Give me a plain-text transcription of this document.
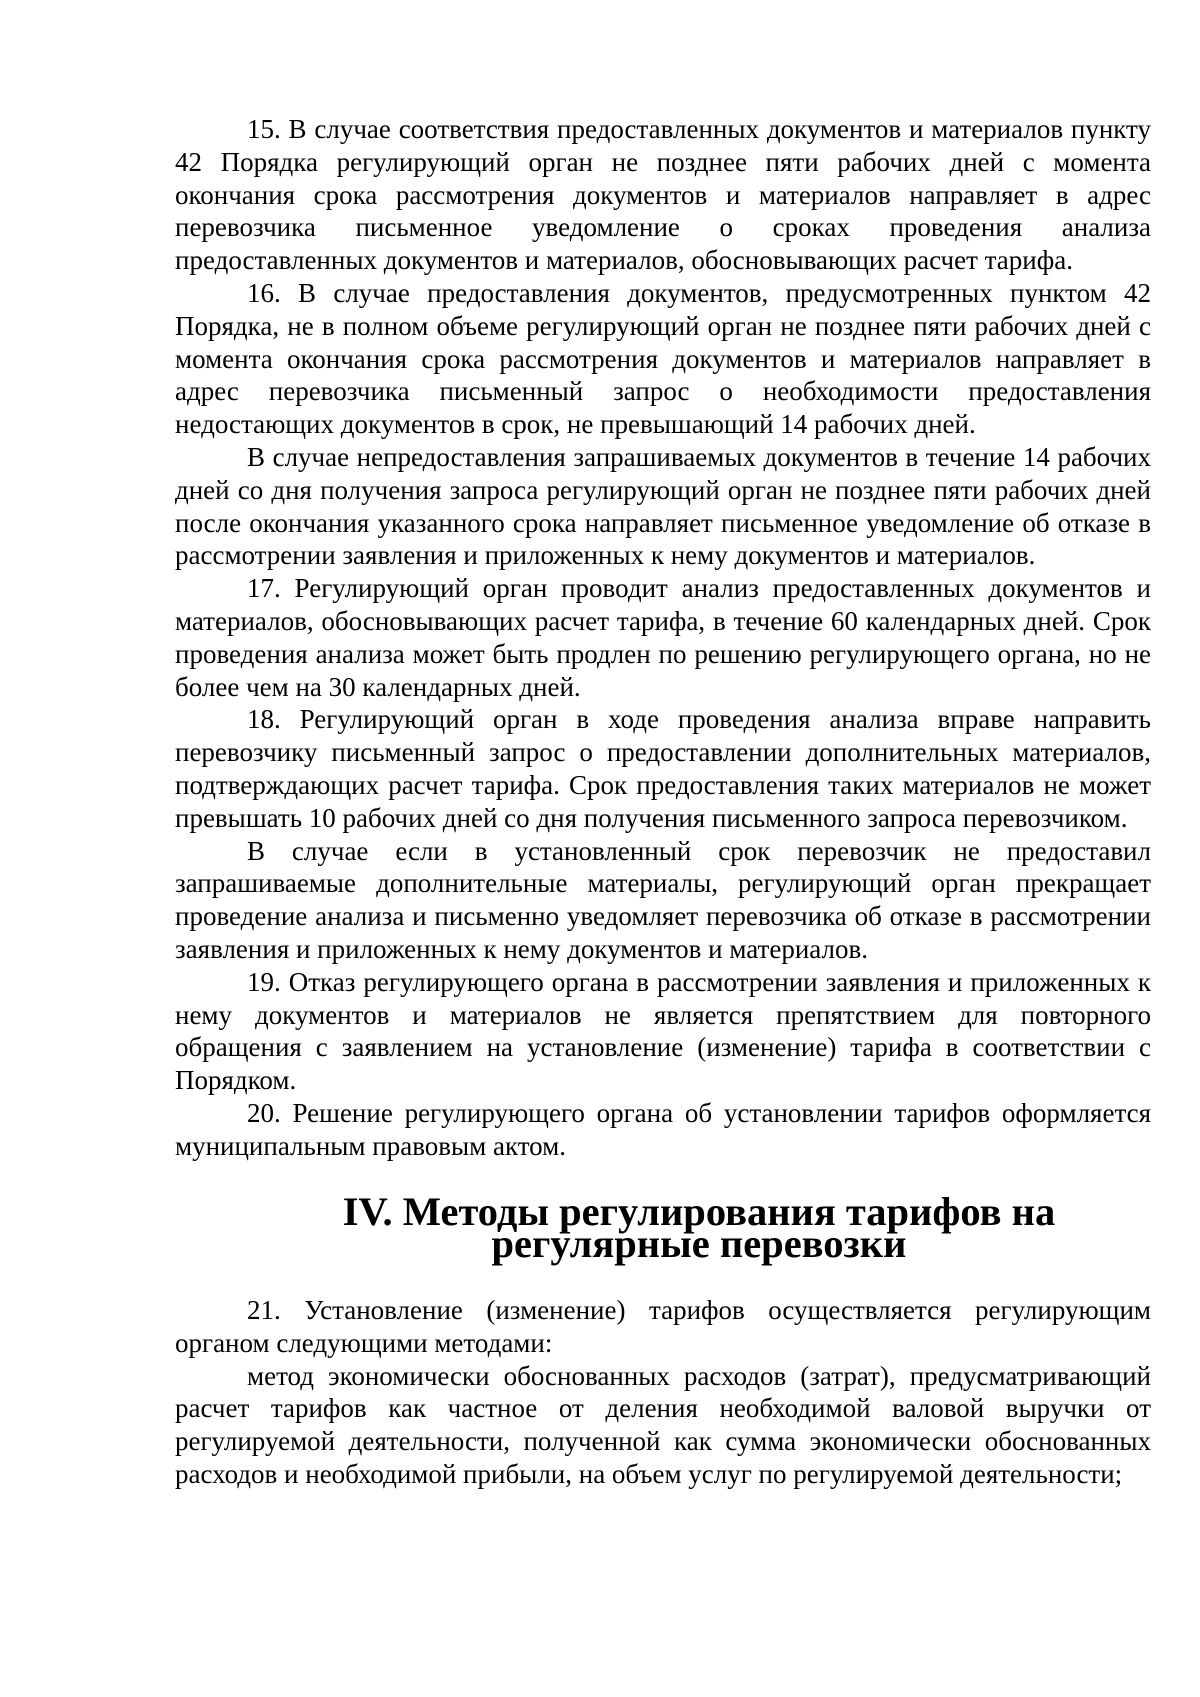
15. В случае соответствия предоставленных документов и материалов пункту 42 Порядка регулирующий орган не позднее пяти рабочих дней с момента окончания срока рассмотрения документов и материалов направляет в адрес перевозчика письменное уведомление о сроках проведения анализа предоставленных документов и материалов, обосновывающих расчет тарифа.

16. В случае предоставления документов, предусмотренных пунктом 42 Порядка, не в полном объеме регулирующий орган не позднее пяти рабочих дней с момента окончания срока рассмотрения документов и материалов направляет в адрес перевозчика письменный запрос о необходимости предоставления недостающих документов в срок, не превышающий 14 рабочих дней.

В случае непредоставления запрашиваемых документов в течение 14 рабочих дней со дня получения запроса регулирующий орган не позднее пяти рабочих дней после окончания указанного срока направляет письменное уведомление об отказе в рассмотрении заявления и приложенных к нему документов и материалов.

17. Регулирующий орган проводит анализ предоставленных документов и материалов, обосновывающих расчет тарифа, в течение 60 календарных дней. Срок проведения анализа может быть продлен по решению регулирующего органа, но не более чем на 30 календарных дней.

18. Регулирующий орган в ходе проведения анализа вправе направить перевозчику письменный запрос о предоставлении дополнительных материалов, подтверждающих расчет тарифа. Срок предоставления таких материалов не может превышать 10 рабочих дней со дня получения письменного запроса перевозчиком.

В случае если в установленный срок перевозчик не предоставил запрашиваемые дополнительные материалы, регулирующий орган прекращает проведение анализа и письменно уведомляет перевозчика об отказе в рассмотрении заявления и приложенных к нему документов и материалов.

19. Отказ регулирующего органа в рассмотрении заявления и приложенных к нему документов и материалов не является препятствием для повторного обращения с заявлением на установление (изменение) тарифа в соответствии с Порядком.

20. Решение регулирующего органа об установлении тарифов оформляется муниципальным правовым актом.

IV. Методы регулирования тарифов на регулярные перевозки

21. Установление (изменение) тарифов осуществляется регулирующим органом следующими методами:

метод экономически обоснованных расходов (затрат), предусматривающий расчет тарифов как частное от деления необходимой валовой выручки от регулируемой деятельности, полученной как сумма экономически обоснованных расходов и необходимой прибыли, на объем услуг по регулируемой деятельности;
